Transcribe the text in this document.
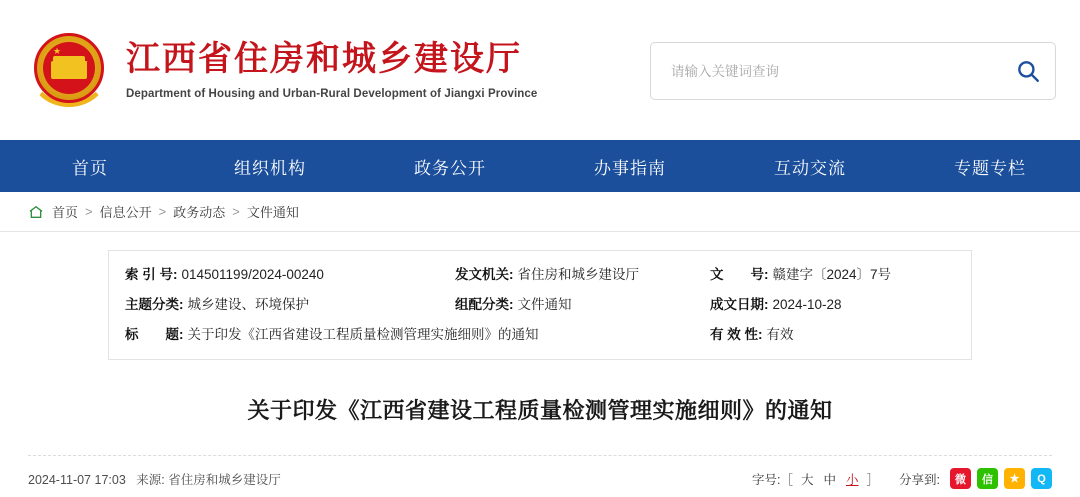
★	江西省住房和城乡建设厅
Department of Housing and Urban-Rural Development of Jiangxi Province
请输入关键词查询
首页	组织机构	政务公开	办事指南	互动交流	专题专栏
首页 > 信息公开 > 政务动态 > 文件通知
索 引 号: 014501199/2024-00240	发文机关: 省住房和城乡建设厅	文　　号: 赣建字〔2024〕7号
主题分类: 城乡建设、环境保护	组配分类: 文件通知	成文日期: 2024-10-28
标　　题: 关于印发《江西省建设工程质量检测管理实施细则》的通知	有 效 性: 有效
关于印发《江西省建设工程质量检测管理实施细则》的通知
2024-11-07 17:03 来源: 省住房和城乡建设厅	字号:［ 大 中 小 ］ 分享到:	微	信	★	Q
